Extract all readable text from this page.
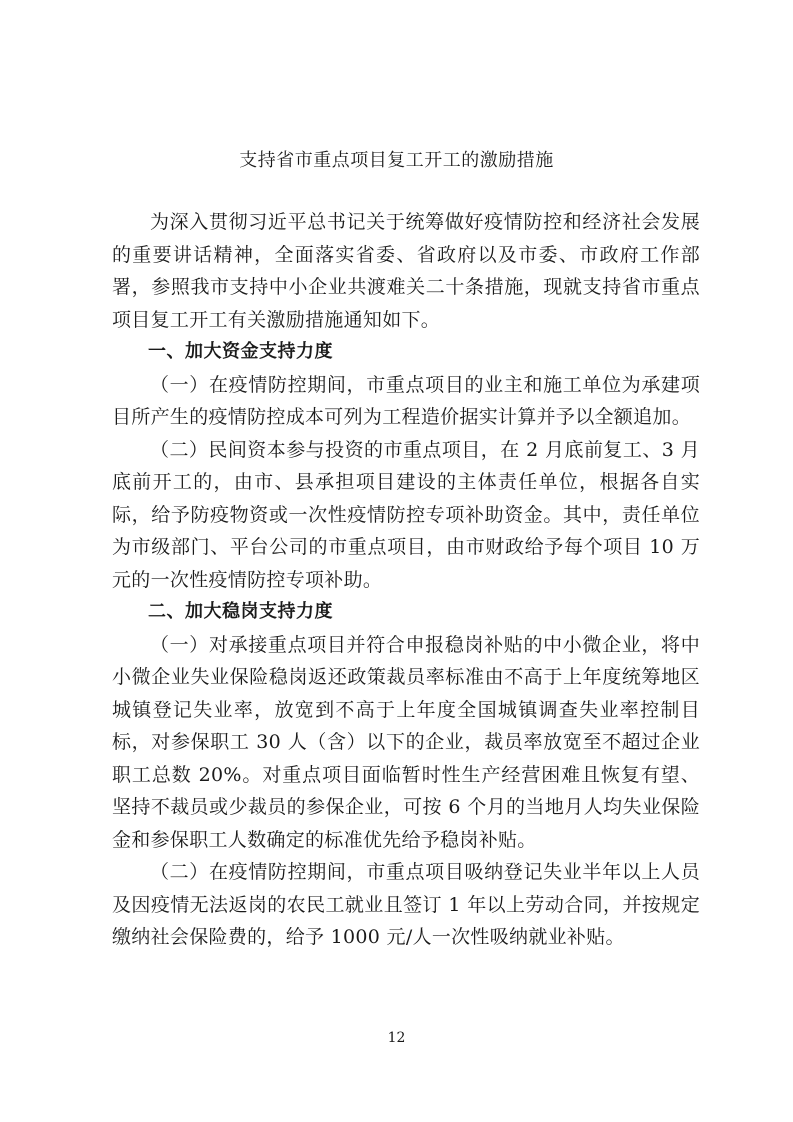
支持省市重点项目复工开工的激励措施

为深入贯彻习近平总书记关于统筹做好疫情防控和经济社会发展的重要讲话精神，全面落实省委、省政府以及市委、市政府工作部署，参照我市支持中小企业共渡难关二十条措施，现就支持省市重点项目复工开工有关激励措施通知如下。

一、加大资金支持力度

（一）在疫情防控期间，市重点项目的业主和施工单位为承建项目所产生的疫情防控成本可列为工程造价据实计算并予以全额追加。

（二）民间资本参与投资的市重点项目，在 2 月底前复工、3 月底前开工的，由市、县承担项目建设的主体责任单位，根据各自实际，给予防疫物资或一次性疫情防控专项补助资金。其中，责任单位为市级部门、平台公司的市重点项目，由市财政给予每个项目 10 万元的一次性疫情防控专项补助。

二、加大稳岗支持力度

（一）对承接重点项目并符合申报稳岗补贴的中小微企业，将中小微企业失业保险稳岗返还政策裁员率标准由不高于上年度统筹地区城镇登记失业率，放宽到不高于上年度全国城镇调查失业率控制目标，对参保职工 30 人（含）以下的企业，裁员率放宽至不超过企业职工总数 20%。对重点项目面临暂时性生产经营困难且恢复有望、坚持不裁员或少裁员的参保企业，可按 6 个月的当地月人均失业保险金和参保职工人数确定的标准优先给予稳岗补贴。

（二）在疫情防控期间，市重点项目吸纳登记失业半年以上人员及因疫情无法返岗的农民工就业且签订 1 年以上劳动合同，并按规定缴纳社会保险费的，给予 1000 元/人一次性吸纳就业补贴。

12
